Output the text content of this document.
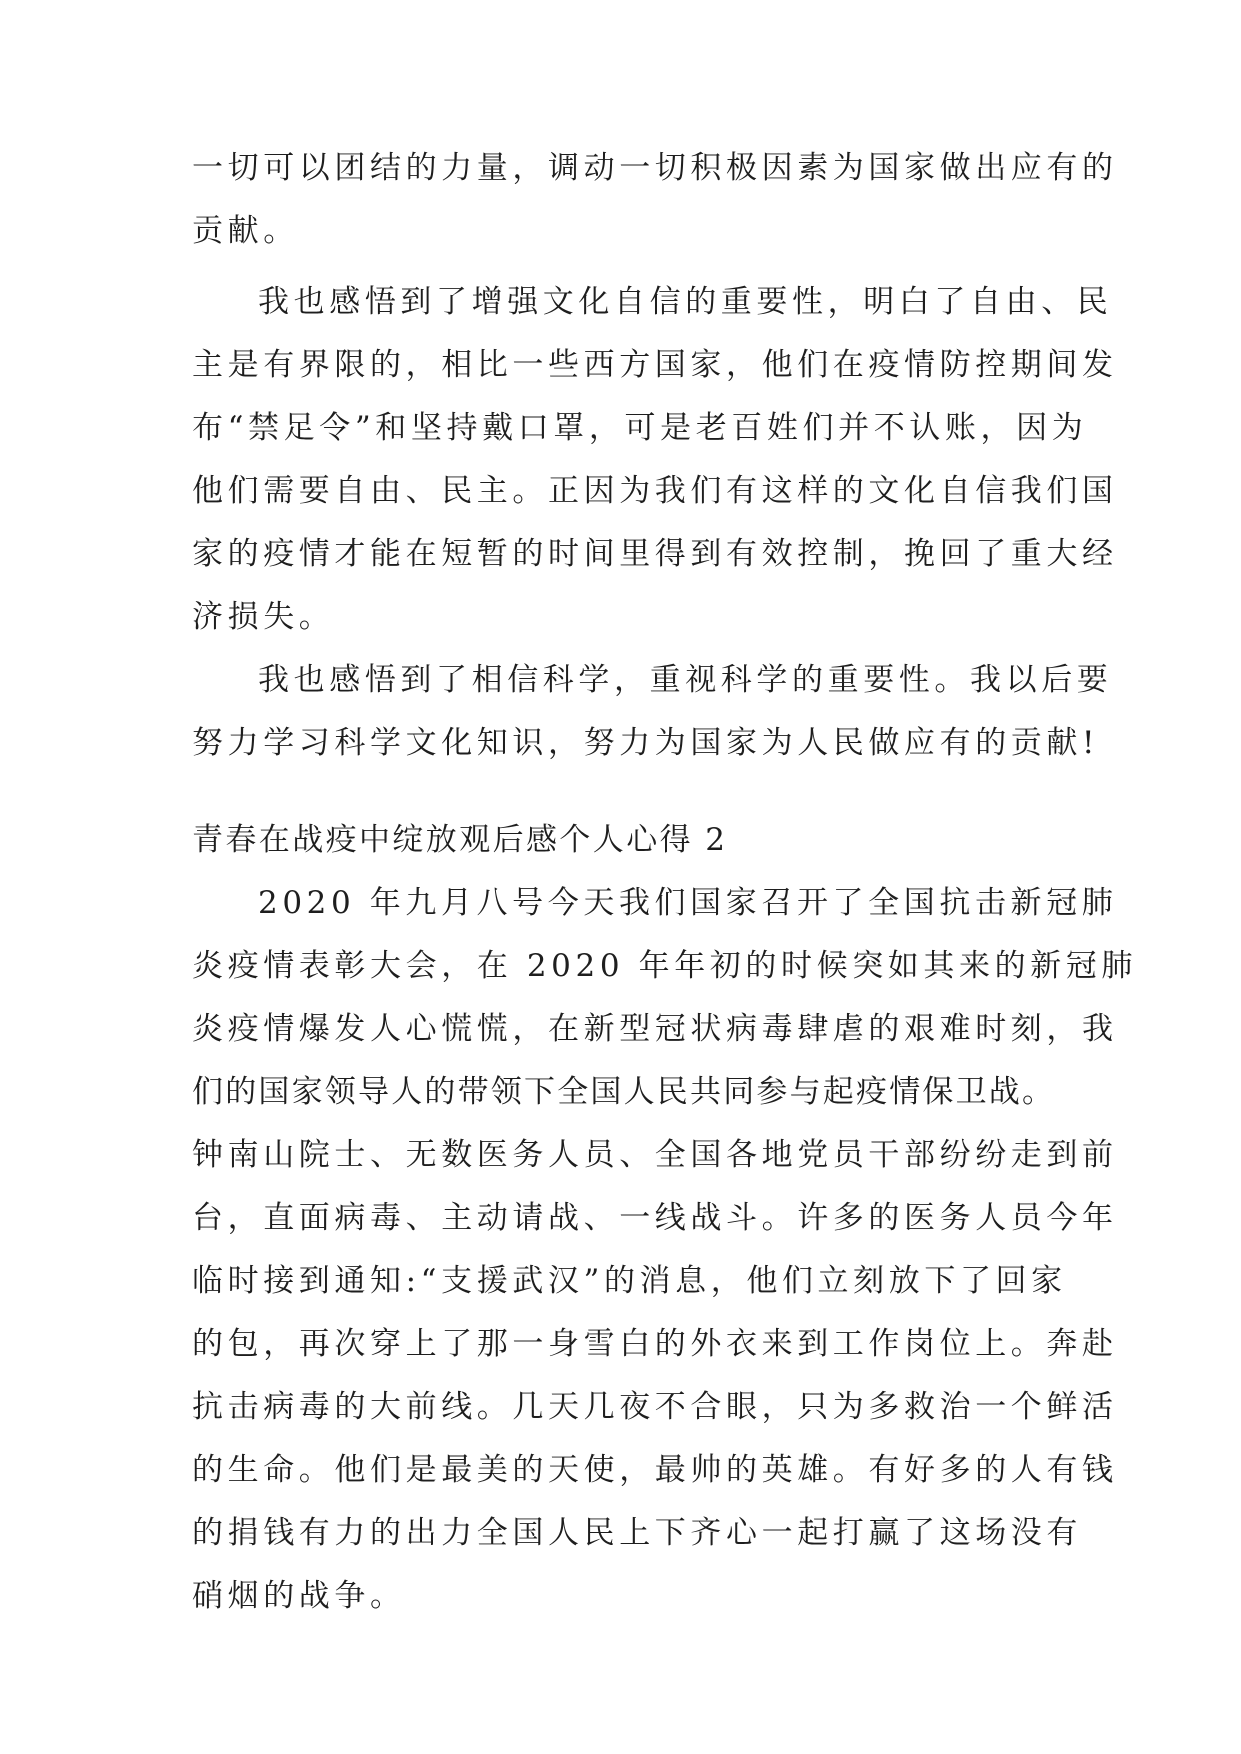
一切可以团结的力量，调动一切积极因素为国家做出应有的

贡献。

我也感悟到了增强文化自信的重要性，明白了自由、民

主是有界限的，相比一些西方国家，他们在疫情防控期间发

布“禁足令”和坚持戴口罩，可是老百姓们并不认账，因为

他们需要自由、民主。正因为我们有这样的文化自信我们国

家的疫情才能在短暂的时间里得到有效控制，挽回了重大经

济损失。

我也感悟到了相信科学，重视科学的重要性。我以后要

努力学习科学文化知识，努力为国家为人民做应有的贡献!

青春在战疫中绽放观后感个人心得 2

2020 年九月八号今天我们国家召开了全国抗击新冠肺

炎疫情表彰大会，在 2020 年年初的时候突如其来的新冠肺

炎疫情爆发人心慌慌，在新型冠状病毒肆虐的艰难时刻，我

们的国家领导人的带领下全国人民共同参与起疫情保卫战。

钟南山院士、无数医务人员、全国各地党员干部纷纷走到前

台，直面病毒、主动请战、一线战斗。许多的医务人员今年

临时接到通知:“支援武汉”的消息，他们立刻放下了回家

的包，再次穿上了那一身雪白的外衣来到工作岗位上。奔赴

抗击病毒的大前线。几天几夜不合眼，只为多救治一个鲜活

的生命。他们是最美的天使，最帅的英雄。有好多的人有钱

的捐钱有力的出力全国人民上下齐心一起打赢了这场没有

硝烟的战争。
